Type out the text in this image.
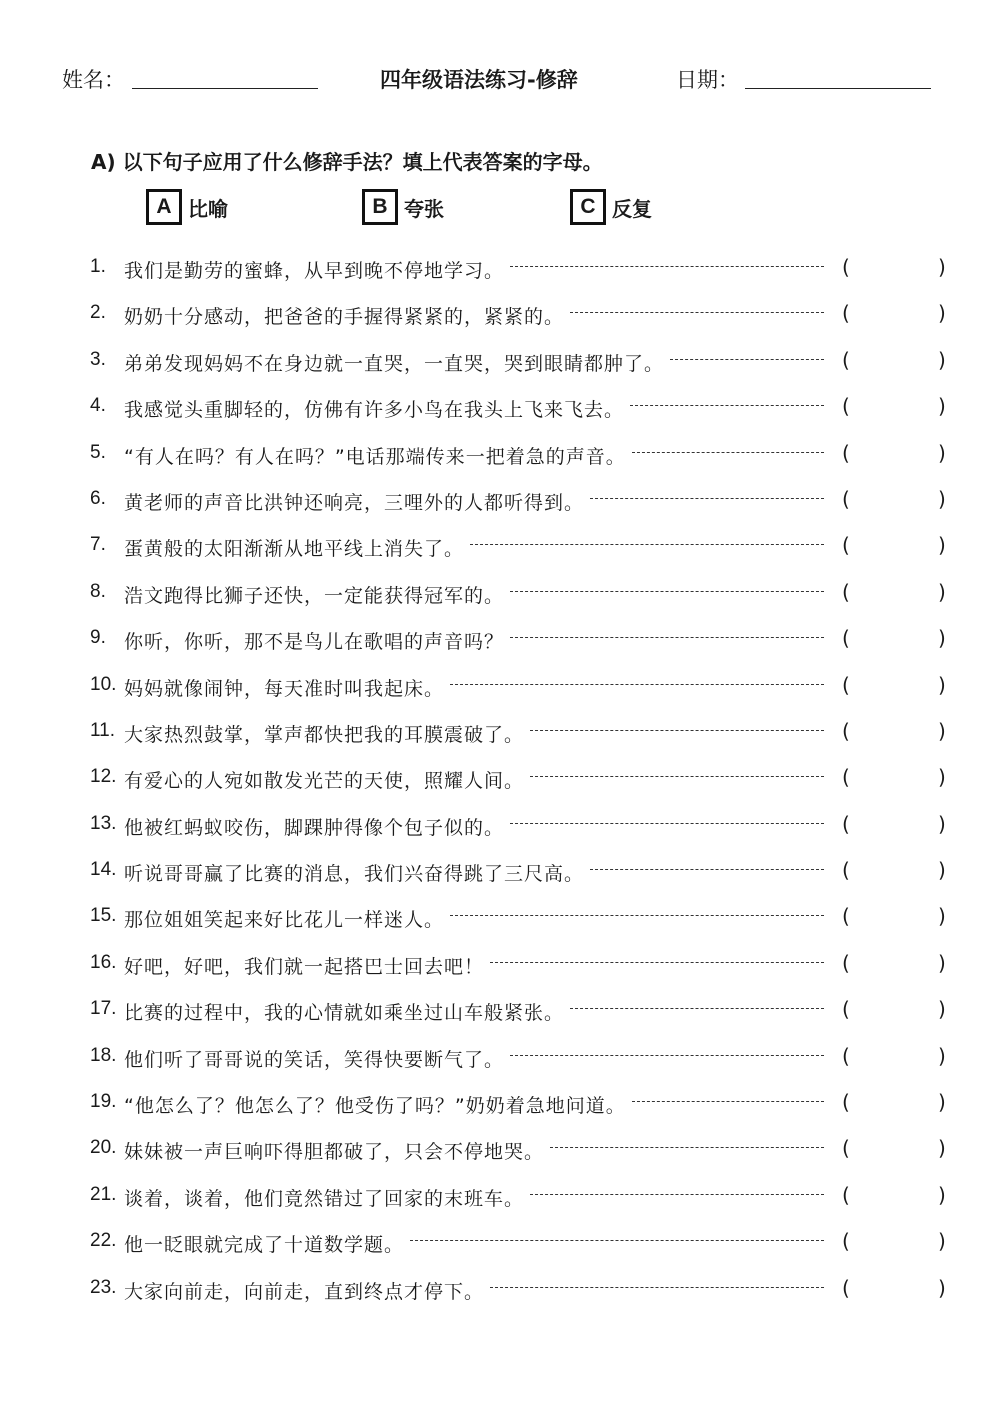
姓名：	四年级语法练习-修辞	日期：
A) 以下句子应用了什么修辞手法？填上代表答案的字母。
A 比喻	B 夸张	C 反复
1. 我们是勤劳的蜜蜂，从早到晚不停地学习。	(	)
2. 奶奶十分感动，把爸爸的手握得紧紧的，紧紧的。	(	)
3. 弟弟发现妈妈不在身边就一直哭，一直哭，哭到眼睛都肿了。	(	)
4. 我感觉头重脚轻的，仿佛有许多小鸟在我头上飞来飞去。	(	)
5. “有人在吗？有人在吗？”电话那端传来一把着急的声音。	(	)
6. 黄老师的声音比洪钟还响亮，三哩外的人都听得到。	(	)
7. 蛋黄般的太阳渐渐从地平线上消失了。	(	)
8. 浩文跑得比狮子还快，一定能获得冠军的。	(	)
9. 你听，你听，那不是鸟儿在歌唱的声音吗？	(	)
10. 妈妈就像闹钟，每天准时叫我起床。	(	)
11. 大家热烈鼓掌，掌声都快把我的耳膜震破了。	(	)
12. 有爱心的人宛如散发光芒的天使，照耀人间。	(	)
13. 他被红蚂蚁咬伤，脚踝肿得像个包子似的。	(	)
14. 听说哥哥赢了比赛的消息，我们兴奋得跳了三尺高。	(	)
15. 那位姐姐笑起来好比花儿一样迷人。	(	)
16. 好吧，好吧，我们就一起搭巴士回去吧！	(	)
17. 比赛的过程中，我的心情就如乘坐过山车般紧张。	(	)
18. 他们听了哥哥说的笑话，笑得快要断气了。	(	)
19. “他怎么了？他怎么了？他受伤了吗？”奶奶着急地问道。	(	)
20. 妹妹被一声巨响吓得胆都破了，只会不停地哭。	(	)
21. 谈着，谈着，他们竟然错过了回家的末班车。	(	)
22. 他一眨眼就完成了十道数学题。	(	)
23. 大家向前走，向前走，直到终点才停下。	(	)
